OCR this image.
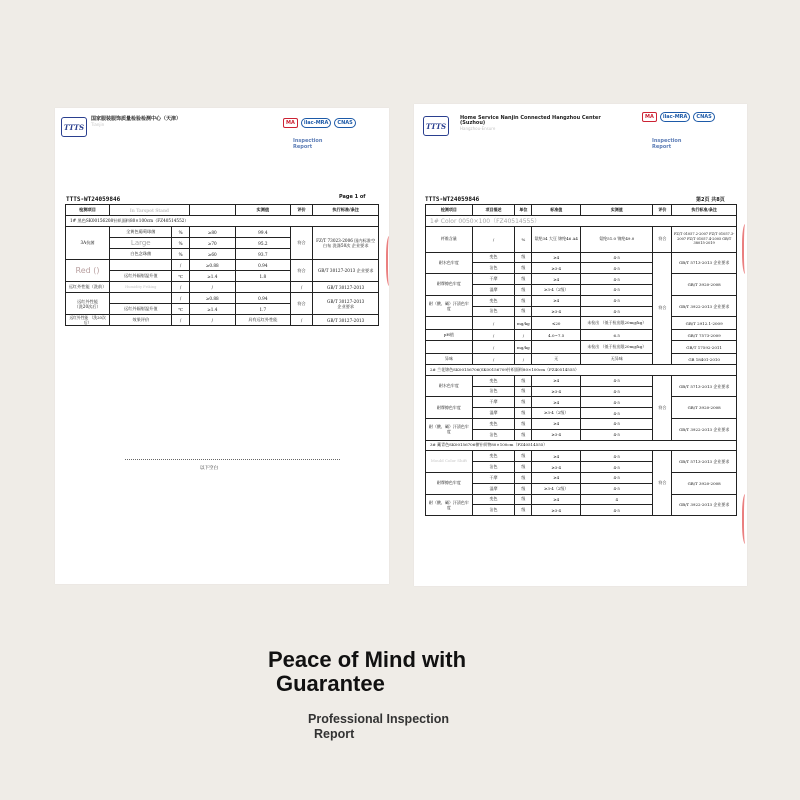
TTTS
国家服装服饰质量检验检测中心（天津）
Tianjin	MA	ilac-MRA	CNAS
Inspection
Report
TTTS-WT24059846	Page 1 of
检测项目	In Tarspot Stand			实测值	评价	执行标准/条注
1# 黑色SK00156208针织面料80×100cm（FZ40514552）						
3A抗菌	全黄色葡萄球菌	%	≥80	99.4	符合	FZ/T 73023-2006 国内标准空白布 洗涤50次 企业要求
	Large	%	≥70	95.2		
	白色念珠菌	%	≥60	93.7		
Red ()		/	≥0.88	0.94	符合	GB/T 30127-2013 企业要求
	远红外辐射温升值	℃	≥1.4	1.8		
远红外性能（洗前）	Humidity Friking	/	/		/	GB/T 30127-2013
远红外性能
（洗20次后）		/	≥0.88	0.94	符合	GB/T 30127-2013
企业要求
	远红外辐射温升值	℃	≥1.4	1.7		
远红外性能 （洗20次后）	效果评价	/	/	具有远红外性能	/	GB/T 30127-2013
以下空白
TTTS
Home Service Nanjin Connected Hangzhou Center (Suzhou)
Hangzhou-Ensure
MA	ilac-MRA	CNAS
Inspection
Report
TTTS-WT24059846	第2页 共8页
检测项目	项目描述	单位	标准值	实测值	评价	执行标准/条注
1# Color 0050×100（FZ40514555）						
纤维含量	/	%	氨纶34 大豆 锦纶46 A4	氨纶51.0 锦纶49.0	符合	FZ/T 01057.2-2007 FZ/T 01057.3-2007 FZ/T 01057.4-2005 GB/T 38015-2019
耐水色牢度	变色	级	≥4	4-5	符合	GB/T 5713-2013 企业要求
	沾色	级	≥3-4	4-5		
耐摩擦色牢度	干摩	级	≥4	4-5		GB/T 3920-2008
	湿摩	级	≥3-4（2级）	4-5		
耐（酸、碱）汗渍色牢度	变色	级	≥4	4-5		GB/T 3922-2013 企业要求
	沾色	级	≥3-4	4-5		
	/	mg/kg	≤20	未检出 （低于检出限20mg/kg）		GB/T 2912.1-2009
pH值	/	/	4.0~7.5	6.5		GB/T 7573-2009
	/	mg/kg		未检出 （低于检出限20mg/kg）		GB/T 17592-2011
异味	/	/	无	无异味		GB 18401-2010
2# 兰花锦色SK00156706(SK00156709针织面料80×100cm（FZ40514555）						
耐水色牢度	变色	级	≥4	4-5	符合	GB/T 5713-2013 企业要求
	沾色	级	≥3-4	4-5		
耐摩擦色牢度	干摩	级	≥4	4-5		GB/T 3920-2008
	湿摩	级	≥3-4（2级）	4-5		
耐（酸、碱）汗渍色牢度	变色	级	≥4	4-5		GB/T 3922-2013 企业要求
	沾色	级	≥3-4	4-5		
3# 藏青色SK00156706棉针织物80×100cm（FZ40514555）						
Mould Color Shift	变色	级	≥4	4-5	符合	GB/T 5713-2013 企业要求
	沾色	级	≥3-4	4-5		
耐摩擦色牢度	干摩	级	≥4	4-5		GB/T 3920-2008
	湿摩	级	≥3-4（2级）	4-5		
耐（酸、碱）汗渍色牢度	变色	级	≥4	4		GB/T 3922-2013 企业要求
	沾色	级	≥3-4	4-5		
Peace of Mind with
Guarantee
Professional Inspection
Report
